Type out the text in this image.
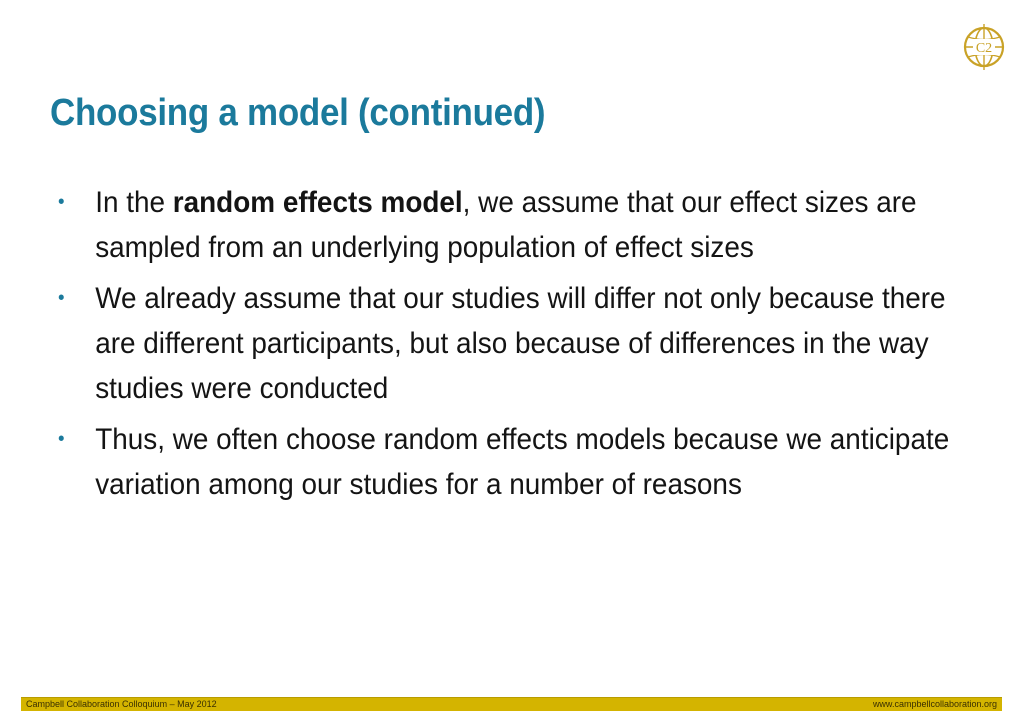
C2
Choosing a model (continued)
• In the random effects model, we assume that our effect sizes are sampled from an underlying population of effect sizes
• We already assume that our studies will differ not only because there are different participants, but also because of differences in the way studies were conducted
• Thus, we often choose random effects models because we anticipate variation among our studies for a number of reasons
Campbell Collaboration Colloquium – May 2012	www.campbellcollaboration.org
